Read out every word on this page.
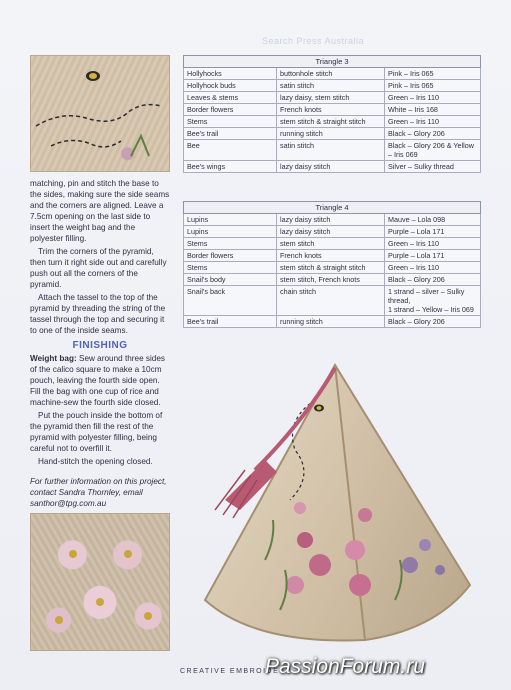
Search Press Australia

matching, pin and stitch the base to the sides, making sure the side seams and the corners are aligned. Leave a 7.5cm opening on the last side to insert the weight bag and the polyester filling.

Trim the corners of the pyramid, then turn it right side out and carefully push out all the corners of the pyramid.

Attach the tassel to the top of the pyramid by threading the string of the tassel through the top and securing it to one of the inside seams.

FINISHING

Weight bag: Sew around three sides of the calico square to make a 10cm pouch, leaving the fourth side open. Fill the bag with one cup of rice and machine-sew the fourth side closed.

Put the pouch inside the bottom of the pyramid then fill the rest of the pyramid with polyester filling, being careful not to overfill it.

Hand-stitch the opening closed.

For further information on this project, contact Sandra Thornley, email santhor@tpg.com.au

Triangle 3		
Hollyhocks	buttonhole stitch	Pink – Iris 065
Hollyhock buds	satin stitch	Pink – Iris 065
Leaves & stems	lazy daisy, stem stitch	Green – Iris 110
Border flowers	French knots	White – Iris 168
Stems	stem stitch & straight stitch	Green – Iris 110
Bee's trail	running stitch	Black – Glory 206
Bee	satin stitch	Black – Glory 206 & Yellow – Iris 069
Bee's wings	lazy daisy stitch	Silver – Sulky thread
Triangle 4		
Lupins	lazy daisy stitch	Mauve – Lola 098
Lupins	lazy daisy stitch	Purple – Lola 171
Stems	stem stitch	Green – Iris 110
Border flowers	French knots	Purple – Lola 171
Stems	stem stitch & straight stitch	Green – Iris 110
Snail's body	stem stitch, French knots	Black – Glory 206
Snail's back	chain stitch	1 strand – silver – Sulky thread,
1 strand – Yellow – Iris 069
Bee's trail	running stitch	Black – Glory 206
CREATIVE EMBROIDE
PassionForum.ru
